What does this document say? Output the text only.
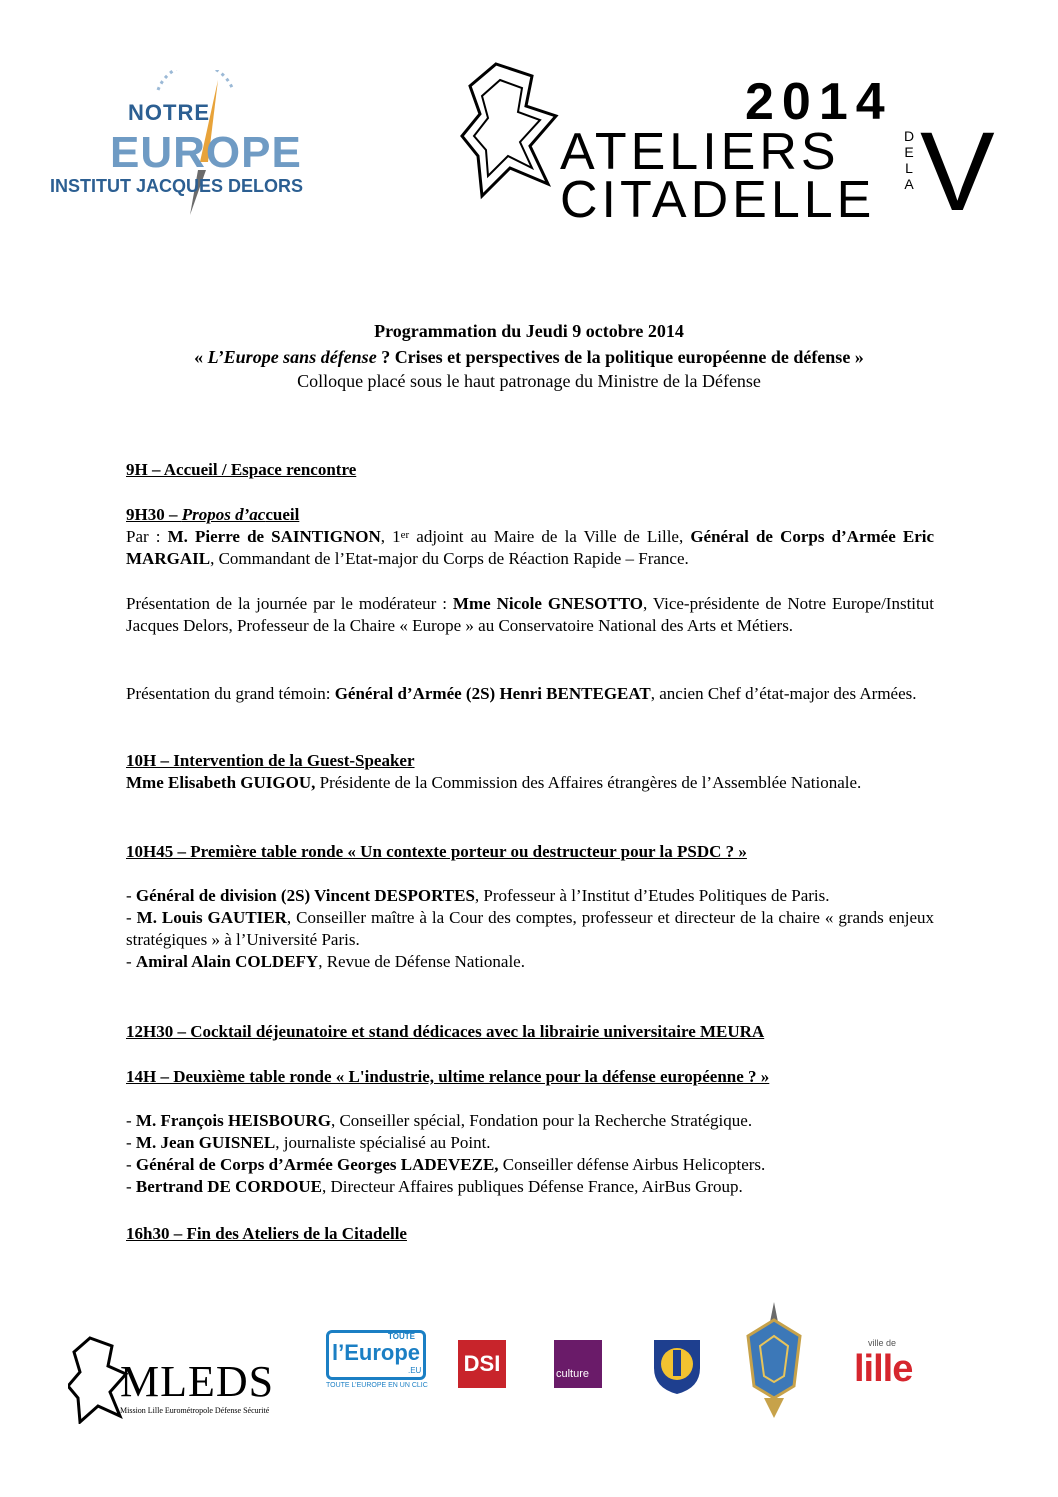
NOTRE
EUROPE
INSTITUT JACQUES DELORS
2014
ATELIERS
CITADELLE
DELA V
Programmation du Jeudi 9 octobre 2014
« L’Europe sans défense ? Crises et perspectives de la politique européenne de défense »
Colloque placé sous le haut patronage du Ministre de la Défense
9H – Accueil / Espace rencontre
9H30 – Propos d’accueil
Par : M. Pierre de SAINTIGNON, 1er adjoint au Maire de la Ville de Lille, Général de Corps d’Armée Eric MARGAIL, Commandant de l’Etat-major du Corps de Réaction Rapide – France.
Présentation de la journée par le modérateur : Mme Nicole GNESOTTO, Vice-présidente de Notre Europe/Institut Jacques Delors, Professeur de la Chaire « Europe » au Conservatoire National des Arts et Métiers.
Présentation du grand témoin: Général d’Armée (2S) Henri BENTEGEAT, ancien Chef d’état-major des Armées.
10H – Intervention de la Guest-Speaker
Mme Elisabeth GUIGOU, Présidente de la Commission des Affaires étrangères de l’Assemblée Nationale.
10H45 – Première table ronde « Un contexte porteur ou destructeur pour la PSDC ? »
- Général de division (2S) Vincent DESPORTES, Professeur à l’Institut d’Etudes Politiques de Paris.
- M. Louis GAUTIER, Conseiller maître à la Cour des comptes, professeur et directeur de la chaire « grands enjeux stratégiques » à l’Université Paris.
- Amiral Alain COLDEFY, Revue de Défense Nationale.
12H30 – Cocktail déjeunatoire et stand dédicaces avec la librairie universitaire MEURA
14H – Deuxième table ronde « L'industrie, ultime relance pour la défense européenne ? »
- M. François HEISBOURG, Conseiller spécial, Fondation pour la Recherche Stratégique.
- M. Jean GUISNEL, journaliste spécialisé au Point.
- Général de Corps d’Armée Georges LADEVEZE, Conseiller défense Airbus Helicopters.
- Bertrand DE CORDOUE, Directeur Affaires publiques Défense France, AirBus Group.
16h30 – Fin des Ateliers de la Citadelle
MLEDS
Mission Lille Eurométropole Défense Sécurité
TOUTE
l’Europe
.EU
TOUTE L’EUROPE EN UN CLIC
DSI	culture
ville de
lille
